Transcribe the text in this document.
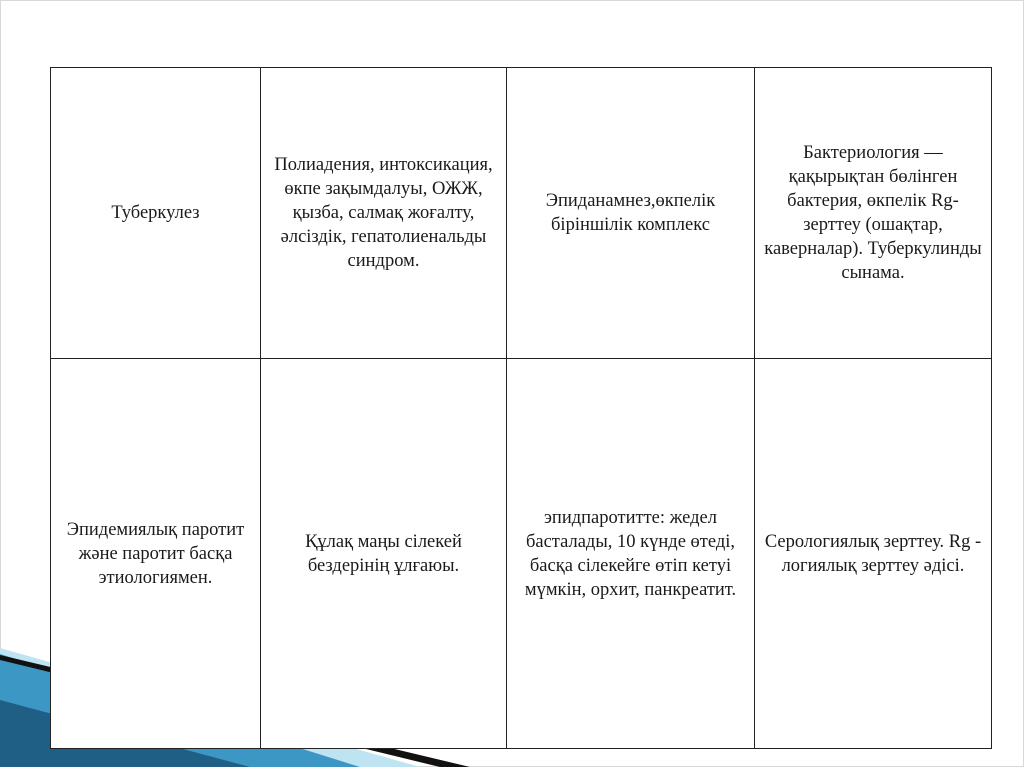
Туберкулез	Полиадения, интоксикация, өкпе зақымдалуы, ОЖЖ, қызба, салмақ жоғалту, әлсіздік, гепатолиенальды синдром.	Эпиданамнез,өкпелік біріншілік комплекс	Бактериология — қақырықтан бөлінген бактерия, өкпелік Rg- зерттеу (ошақтар, каверналар). Туберкулинды сынама.
Эпидемиялық паротит және паротит басқа этиологиямен.	Құлақ маңы сілекей бездерінің ұлғаюы.	эпидпаротитте: жедел басталады, 10 күнде өтеді, басқа сілекейге өтіп кетуі мүмкін, орхит, панкреатит.	Серологиялық зерттеу. Rg - логиялық зерттеу әдісі.
